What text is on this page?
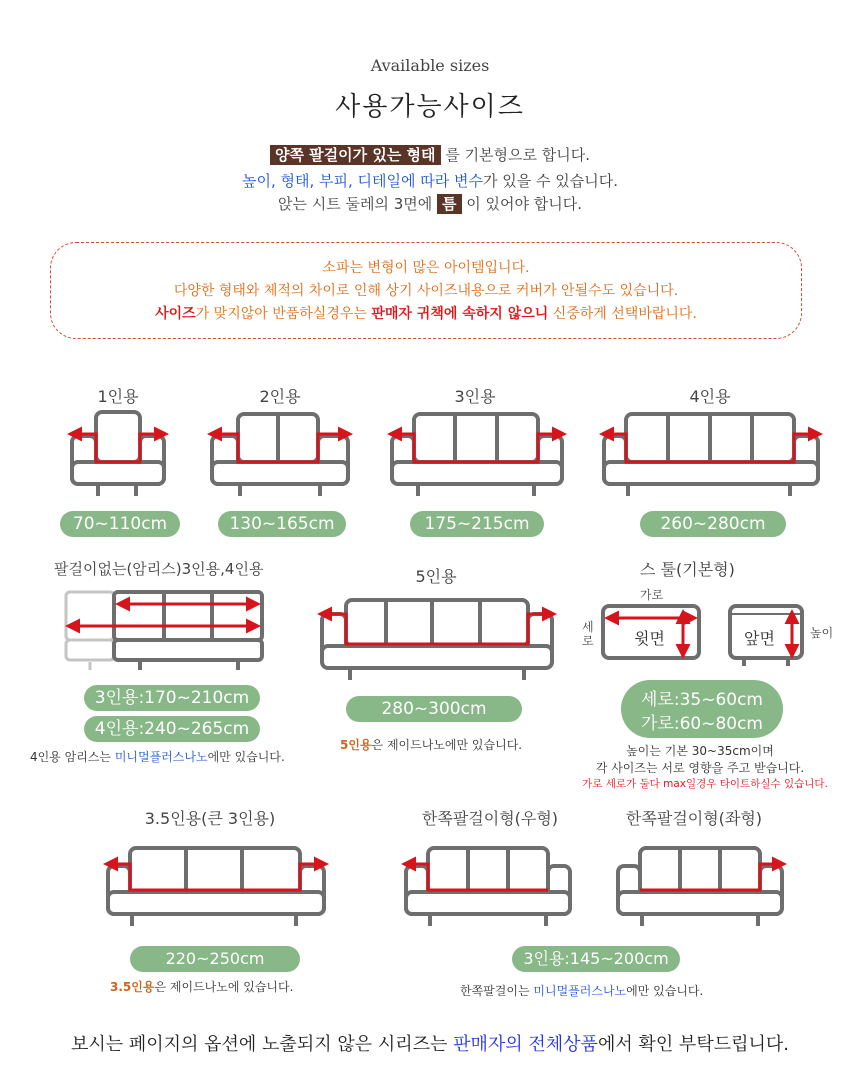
Available sizes
사용가능사이즈
양쪽 팔걸이가 있는 형태 를 기본형으로 합니다.
높이, 형태, 부피, 디테일에 따라 변수가 있을 수 있습니다.
앉는 시트 둘레의 3면에 틈 이 있어야 합니다.
소파는 변형이 많은 아이템입니다.
다양한 형태와 체적의 차이로 인해 상기 사이즈내용으로 커버가 안될수도 있습니다.
사이즈가 맞지않아 반품하실경우는 판매자 귀책에 속하지 않으니 신중하게 선택바랍니다.
1인용	2인용	3인용	4인용
70~110cm	130~165cm	175~215cm	260~280cm
팔걸이없는(암리스)3인용,4인용	5인용	스 툴(기본형)
가로
세로	윗면	앞면	높이
3인용:170~210cm
4인용:240~265cm
280~300cm	세로:35~60cm
가로:60~80cm
4인용 암리스는 미니멀플러스나노에만 있습니다.
5인용은 제이드나노에만 있습니다.	높이는 기본 30~35cm이며
각 사이즈는 서로 영향을 주고 받습니다.
가로 세로가 둘다 max일경우 타이트하실수 있습니다.
3.5인용(큰 3인용)	한쪽팔걸이형(우형)	한쪽팔걸이형(좌형)
220~250cm	3인용:145~200cm
3.5인용은 제이드나노에 있습니다.	한쪽팔걸이는 미니멀플러스나노에만 있습니다.
보시는 페이지의 옵션에 노출되지 않은 시리즈는 판매자의 전체상품에서 확인 부탁드립니다.
